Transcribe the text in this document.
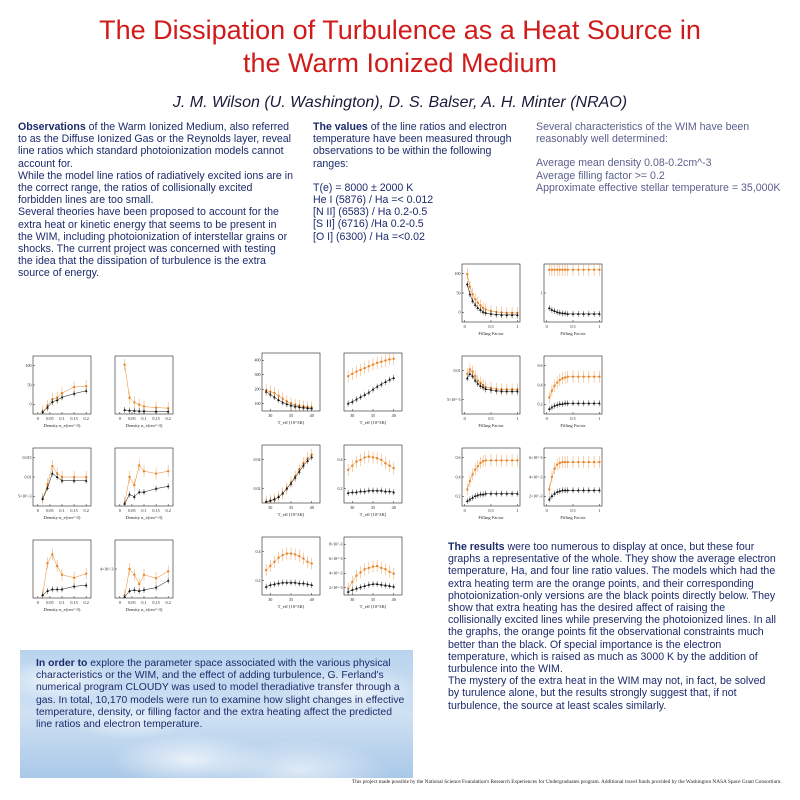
The Dissipation of Turbulence as a Heat Source in
the Warm Ionized Medium
J. M. Wilson (U. Washington), D. S. Balser, A. H. Minter (NRAO)
Observations of the Warm Ionized Medium, also referred to as the Diffuse Ionized Gas or the Reynolds layer, reveal line ratios which standard photoionization models cannot account for.
While the model line ratios of radiatively excited ions are in the correct range, the ratios of collisionally excited forbidden lines are too small.
Several theories have been proposed to account for the extra heat or kinetic energy that seems to be present in the WIM, including photoionization of interstellar grains or shocks. The current project was concerned with testing the idea that the dissipation of turbulence is the extra source of energy.

The values of the line ratios and electron temperature have been measured through observations to be within the following ranges:

T(e) = 8000 ± 2000 K
He I (5876) / Ha =< 0.012
[N II] (6583) / Ha 0.2-0.5
[S II] (6716) /Ha 0.2-0.5
[O I] (6300) / Ha =<0.02
Several characteristics of the WIM have been reasonably well determined:
Average mean density 0.08-0.2cm^-3
Average filling factor >= 0.2
Approximate effective stellar temperature = 35,000K
The results were too numerous to display at once, but these four graphs a representative of the whole. They show the average electron temperature, Ha, and four line ratio values. The models which had the extra heating term are the orange points, and their corresponding photoionization-only versions are the black points directly below. They show that extra heating has the desired affect of raising the collisionally excited lines while preserving the photoionized lines. In all the graphs, the orange points fit the observational constraints much better than the black. Of special importance is the electron temperature, which is raised as much as 3000 K by the addition of turbulence into the WIM.
The mystery of the extra heat in the WIM may not, in fact, be solved by turulence alone, but the results strongly suggest that, if not turbulence, the source at least scales similarly.
In order to explore the parameter space associated with the various physical characteristics or the WIM, and the effect of adding turbulence, G. Ferland's numerical program CLOUDY was used to model theradiative transfer through a gas. In total, 10,170 models were run to examine how slight changes in effective temperature, density, or filling factor and the extra heating affect the predicted line ratios and electron temperature.
This project made possible by the National Science Foundation's Research Experiences for Undergraduates program. Additional travel funds provided by the Washington NASA Space Grant Consortium.
0 0.05 0.1 0.15 0.2
0
50
100
Density n_e(cm^-3)
0 0.05 0.1 0.15 0.2
Density n_e(cm^-3)
0 0.05 0.1 0.15 0.2
5×10^-3
0.01
0.015
Density n_e(cm^-3)
0 0.05 0.1 0.15 0.2
Density n_e(cm^-3)
0 0.05 0.1 0.15 0.2
Density n_e(cm^-3)
0 0.05 0.1 0.15 0.2
4×10^-3
Density n_e(cm^-3)
30	35	40
100
200
300
400
T_eff [10^3K]
30	35	40
T_eff [10^3K]
30	35	40
0.02
0.04
T_eff [10^3K]
30	35	40
0.2
0.4
T_eff [10^3K]
30	35	40
0.2
0.4
T_eff [10^3K]
30	35	40
2×10^-3
4×10^-3
6×10^-3
8×10^-3
T_eff [10^3K]
0	0.5	1
0
50
100
Filling Factor
0	0.5	1
1
Filling Factor
0	0.5	1
5×10^-3
0.01
Filling Factor
0	0.5	1
0.2
0.4
0.6
Filling Factor
0	0.5	1
0.2
0.4
0.6
Filling Factor
0	0.5	1
2×10^-3
4×10^-3
6×10^-3
Filling Factor
